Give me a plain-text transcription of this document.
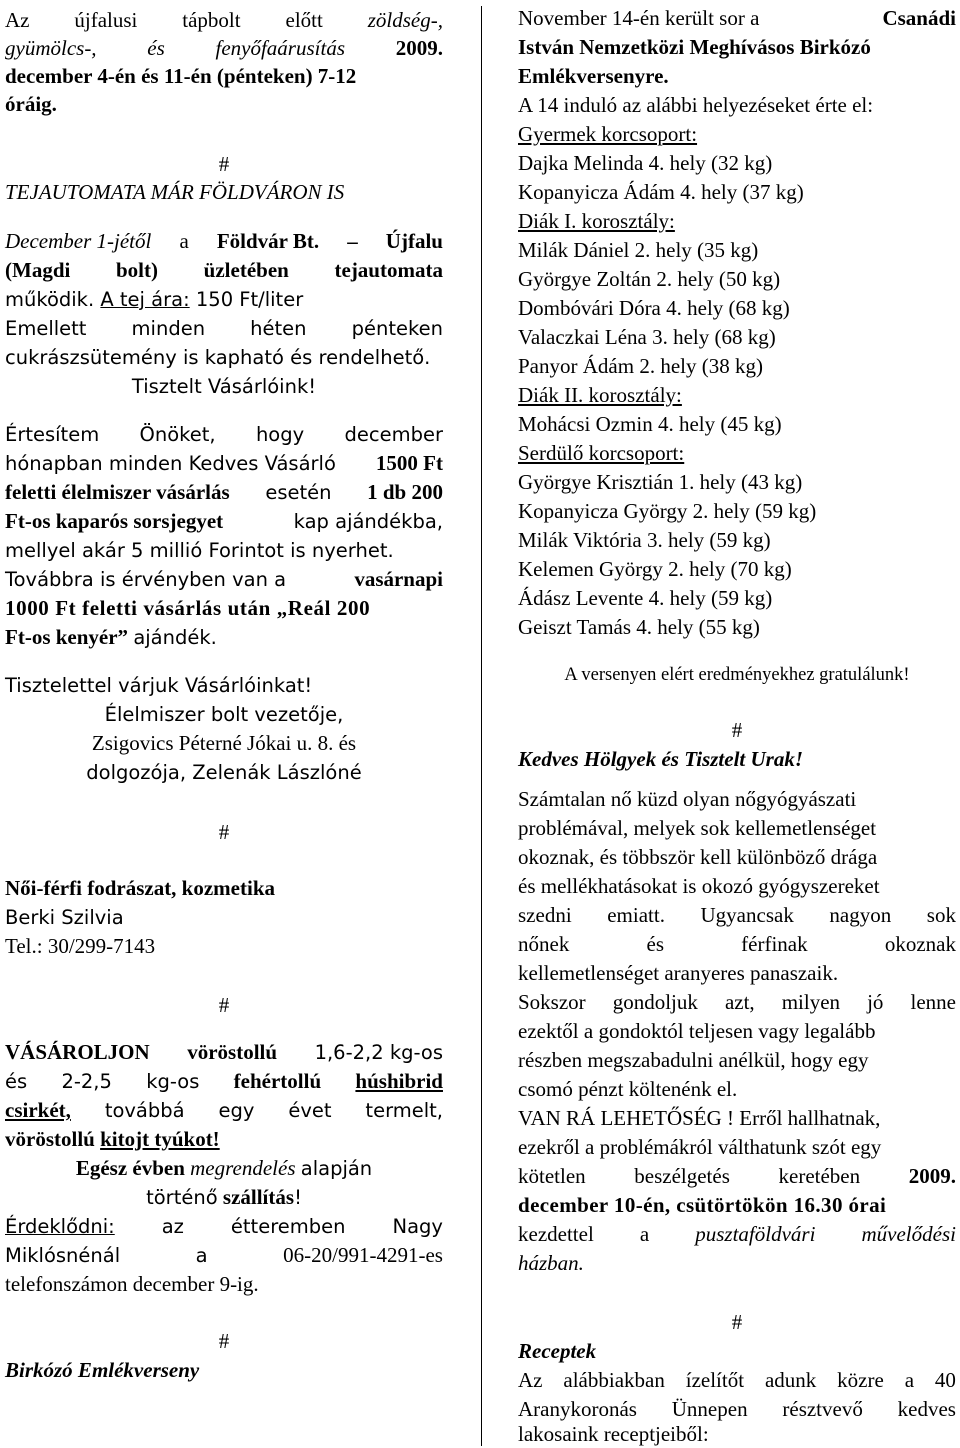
Az újfalusi tápbolt előtt zöldség-,
gyümölcs-, és fenyőfaárusítás 2009.
december 4-én és 11-én (pénteken) 7-12
óráig.
#
TEJAUTOMATA MÁR FÖLDVÁRON IS
December 1-jétől a Földvár Bt. – Újfalu
(Magdi bolt) üzletében tejautomata
működik. A tej ára: 150 Ft/liter
Emellett minden héten pénteken
cukrászsütemény is kapható és rendelhető.
Tisztelt Vásárlóink!
Értesítem Önöket, hogy december
hónapban minden Kedves Vásárló 1500 Ft
feletti élelmiszer vásárlás esetén 1 db 200
Ft-os kaparós sorsjegyet	kap ajándékba,
mellyel akár 5 millió Forintot is nyerhet.
Továbbra is érvényben van a	vasárnapi
1000 Ft feletti vásárlás után „Reál 200
Ft-os kenyér” ajándék.
Tisztelettel várjuk Vásárlóinkat!
Élelmiszer bolt vezetője,
Zsigovics Péterné Jókai u. 8. és
dolgozója, Zelenák Lászlóné
#
Női-férfi fodrászat, kozmetika
Berki Szilvia
Tel.: 30/299-7143
#
VÁSÁROLJON vöröstollú 1,6-2,2 kg-os
és 2-2,5 kg-os fehértollú húshibrid
csirkét, továbbá egy évet termelt,
vöröstollú kitojt tyúkot!
Egész évben megrendelés alapján
történő szállítás!
Érdeklődni: az étteremben Nagy
Miklósnénál	a	06-20/991-4291-es
telefonszámon december 9-ig.
#
Birkózó Emlékverseny
November 14-én került sor a	Csanádi
István Nemzetközi Meghívásos Birkózó
Emlékversenyre.
A 14 induló az alábbi helyezéseket érte el:
Gyermek korcsoport:
Dajka Melinda 4. hely (32 kg)
Kopanyicza Ádám 4. hely (37 kg)
Diák I. korosztály:
Milák Dániel 2. hely (35 kg)
Györgye Zoltán 2. hely (50 kg)
Dombóvári Dóra 4. hely (68 kg)
Valaczkai Léna 3. hely (68 kg)
Panyor Ádám 2. hely (38 kg)
Diák II. korosztály:
Mohácsi Ozmin 4. hely (45 kg)
Serdülő korcsoport:
Györgye Krisztián 1. hely (43 kg)
Kopanyicza György 2. hely (59 kg)
Milák Viktória 3. hely (59 kg)
Kelemen György 2. hely (70 kg)
Ádász Levente 4. hely (59 kg)
Geiszt Tamás 4. hely (55 kg)
A versenyen elért eredményekhez gratulálunk!
#
Kedves Hölgyek és Tisztelt Urak!
Számtalan nő küzd olyan nőgyógyászati
problémával, melyek sok kellemetlenséget
okoznak, és többször kell különböző drága
és mellékhatásokat is okozó gyógyszereket
szedni emiatt. Ugyancsak nagyon sok
nőnek	és	férfinak	okoznak
kellemetlenséget aranyeres panaszaik.
Sokszor gondoljuk azt, milyen jó lenne
ezektől a gondoktól teljesen vagy legalább
részben megszabadulni anélkül, hogy egy
csomó pénzt költenénk el.
VAN RÁ LEHETŐSÉG ! Erről hallhatnak,
ezekről a problémákról válthatunk szót egy
kötetlen beszélgetés keretében 2009.
december 10-én, csütörtökön 16.30 órai
kezdettel a pusztaföldvári művelődési
házban.
#
Receptek
Az alábbiakban ízelítőt adunk közre a 40
Aranykoronás Ünnepen résztvevő kedves
lakosaink receptjeiből:
